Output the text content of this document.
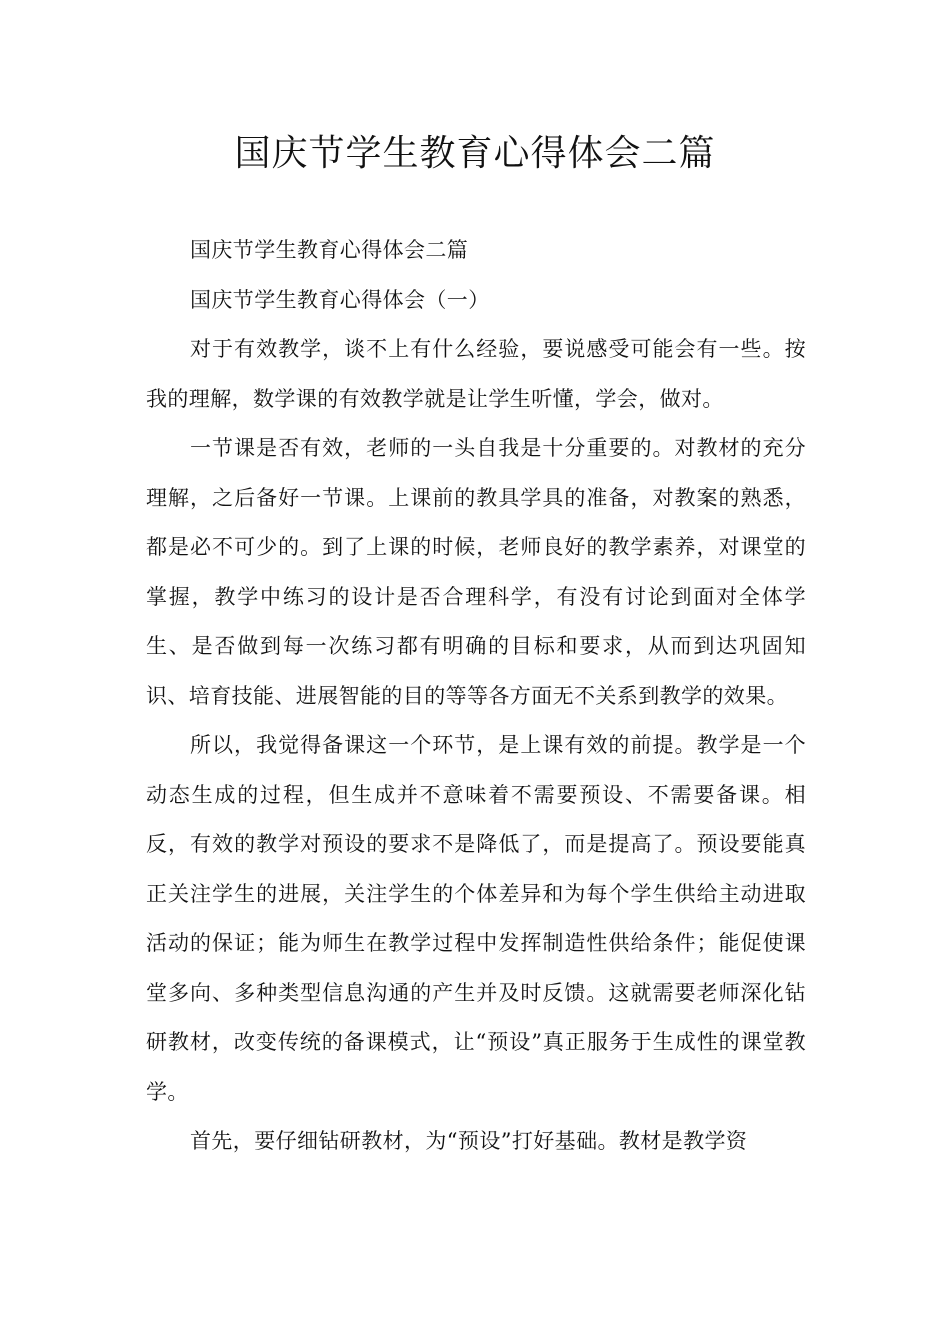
国庆节学生教育心得体会二篇

国庆节学生教育心得体会二篇

国庆节学生教育心得体会（一）

对于有效教学，谈不上有什么经验，要说感受可能会有一些。按我的理解，数学课的有效教学就是让学生听懂，学会，做对。

一节课是否有效，老师的一头自我是十分重要的。对教材的充分理解，之后备好一节课。上课前的教具学具的准备，对教案的熟悉，都是必不可少的。到了上课的时候，老师良好的教学素养，对课堂的掌握，教学中练习的设计是否合理科学，有没有讨论到面对全体学生、是否做到每一次练习都有明确的目标和要求，从而到达巩固知识、培育技能、进展智能的目的等等各方面无不关系到教学的效果。

所以，我觉得备课这一个环节，是上课有效的前提。教学是一个动态生成的过程，但生成并不意味着不需要预设、不需要备课。相反，有效的教学对预设的要求不是降低了，而是提高了。预设要能真正关注学生的进展，关注学生的个体差异和为每个学生供给主动进取活动的保证；能为师生在教学过程中发挥制造性供给条件；能促使课堂多向、多种类型信息沟通的产生并及时反馈。这就需要老师深化钻研教材，改变传统的备课模式，让“预设”真正服务于生成性的课堂教学。

首先，要仔细钻研教材，为“预设”打好基础。教材是教学资
